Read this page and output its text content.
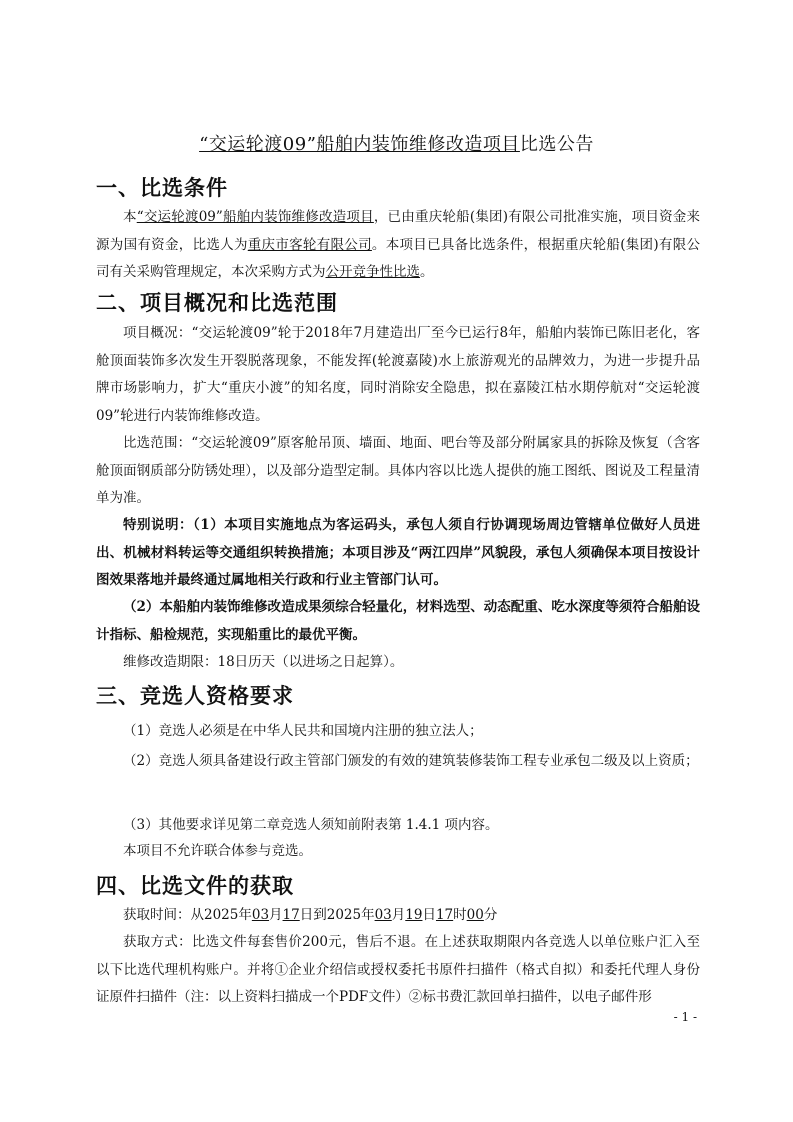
“交运轮渡09”船舶内装饰维修改造项目比选公告
一、比选条件

本“交运轮渡09”船舶内装饰维修改造项目，已由重庆轮船(集团)有限公司批准实施，项目资金来源为国有资金，比选人为重庆市客轮有限公司。本项目已具备比选条件，根据重庆轮船(集团)有限公司有关采购管理规定，本次采购方式为公开竞争性比选。

二、项目概况和比选范围

项目概况：“交运轮渡09”轮于2018年7月建造出厂至今已运行8年，船舶内装饰已陈旧老化，客舱顶面装饰多次发生开裂脱落现象，不能发挥(轮渡嘉陵)水上旅游观光的品牌效力，为进一步提升品牌市场影响力，扩大“重庆小渡”的知名度，同时消除安全隐患，拟在嘉陵江枯水期停航对“交运轮渡09”轮进行内装饰维修改造。

比选范围：“交运轮渡09”原客舱吊顶、墙面、地面、吧台等及部分附属家具的拆除及恢复（含客舱顶面钢质部分防锈处理），以及部分造型定制。具体内容以比选人提供的施工图纸、图说及工程量清单为准。

特别说明：（1）本项目实施地点为客运码头，承包人须自行协调现场周边管辖单位做好人员进出、机械材料转运等交通组织转换措施；本项目涉及“两江四岸”风貌段，承包人须确保本项目按设计图效果落地并最终通过属地相关行政和行业主管部门认可。

（2）本船舶内装饰维修改造成果须综合轻量化，材料选型、动态配重、吃水深度等须符合船舶设计指标、船检规范，实现船重比的最优平衡。

维修改造期限：18日历天（以进场之日起算）。

三、竞选人资格要求

（1）竞选人必须是在中华人民共和国境内注册的独立法人；

（2）竞选人须具备建设行政主管部门颁发的有效的建筑装修装饰工程专业承包二级及以上资质；

（3）其他要求详见第二章竞选人须知前附表第 1.4.1 项内容。

本项目不允许联合体参与竞选。

四、比选文件的获取

获取时间：从2025年03月17日到2025年03月19日17时00分

获取方式：比选文件每套售价200元，售后不退。在上述获取期限内各竞选人以单位账户汇入至以下比选代理机构账户。并将①企业介绍信或授权委托书原件扫描件（格式自拟）和委托代理人身份证原件扫描件（注：以上资料扫描成一个PDF文件）②标书费汇款回单扫描件，以电子邮件形

- 1 -
